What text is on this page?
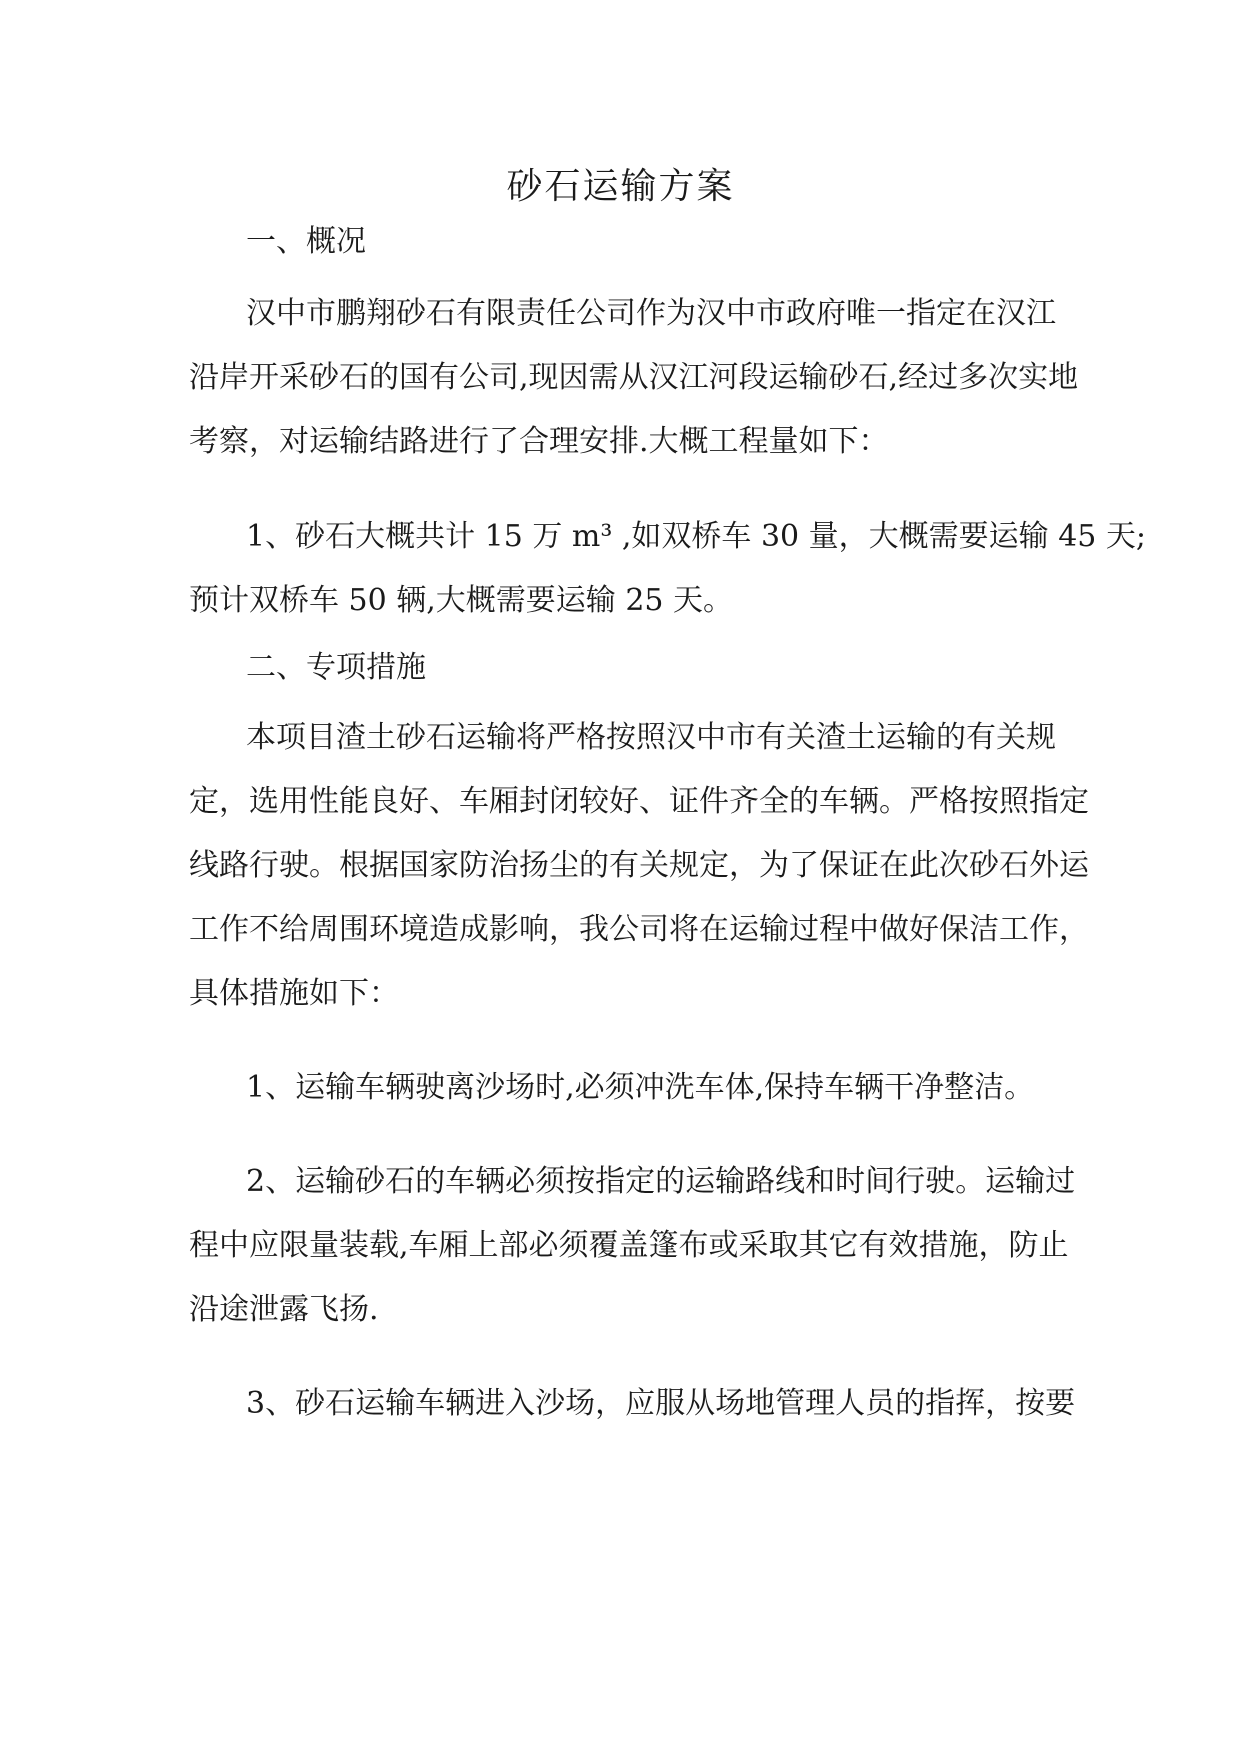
砂石运输方案

一、概况

汉中市鹏翔砂石有限责任公司作为汉中市政府唯一指定在汉江

沿岸开采砂石的国有公司,现因需从汉江河段运输砂石,经过多次实地

考察，对运输结路进行了合理安排.大概工程量如下：

1、砂石大概共计 15 万 m³ ,如双桥车 30 量，大概需要运输 45 天;

预计双桥车 50 辆,大概需要运输 25 天。

二、专项措施

本项目渣土砂石运输将严格按照汉中市有关渣土运输的有关规

定，选用性能良好、车厢封闭较好、证件齐全的车辆。严格按照指定

线路行驶。根据国家防治扬尘的有关规定，为了保证在此次砂石外运

工作不给周围环境造成影响，我公司将在运输过程中做好保洁工作，

具体措施如下：

1、运输车辆驶离沙场时,必须冲洗车体,保持车辆干净整洁。

2、运输砂石的车辆必须按指定的运输路线和时间行驶。运输过

程中应限量装载,车厢上部必须覆盖篷布或采取其它有效措施，防止

沿途泄露飞扬.

3、砂石运输车辆进入沙场，应服从场地管理人员的指挥，按要
